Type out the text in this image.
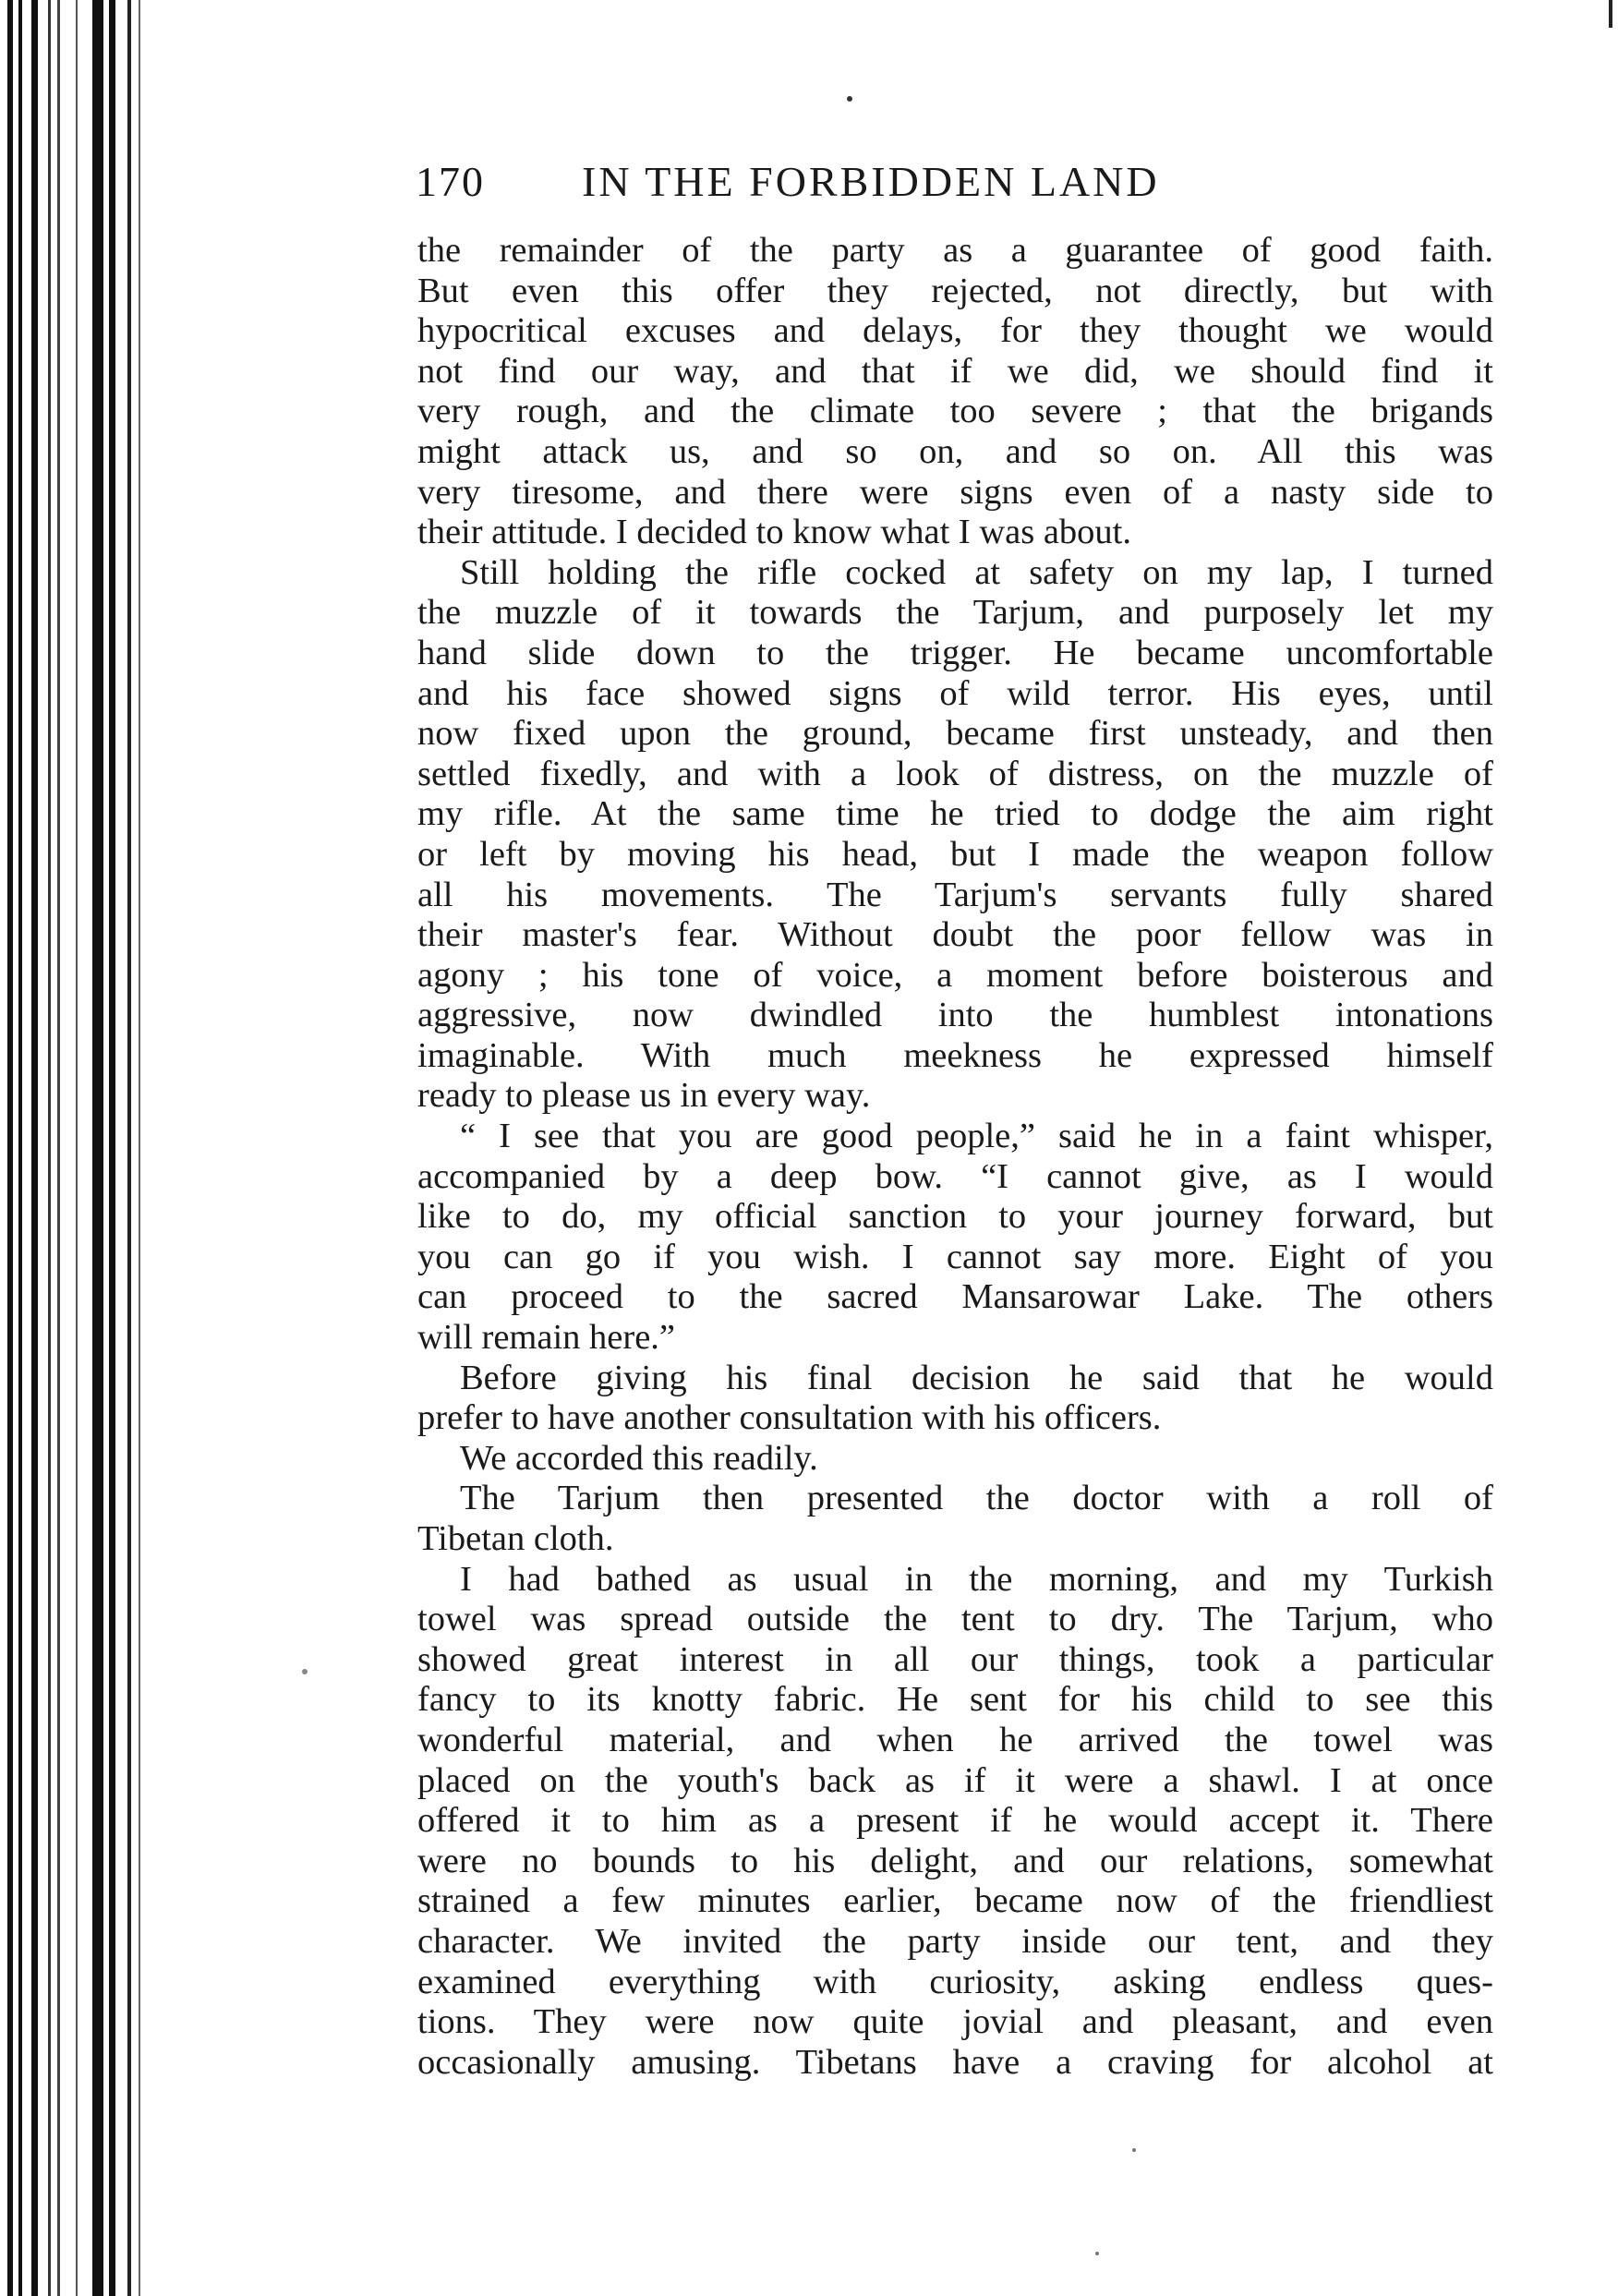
170 IN THE FORBIDDEN LAND
the remainder of the party as a guarantee of good faith.
But even this offer they rejected, not directly, but with
hypocritical excuses and delays, for they thought we would
not find our way, and that if we did, we should find it
very rough, and the climate too severe ; that the brigands
might attack us, and so on, and so on. All this was
very tiresome, and there were signs even of a nasty side to
their attitude. I decided to know what I was about.
Still holding the rifle cocked at safety on my lap, I turned
the muzzle of it towards the Tarjum, and purposely let my
hand slide down to the trigger. He became uncomfortable
and his face showed signs of wild terror. His eyes, until
now fixed upon the ground, became first unsteady, and then
settled fixedly, and with a look of distress, on the muzzle of
my rifle. At the same time he tried to dodge the aim right
or left by moving his head, but I made the weapon follow
all his movements. The Tarjum's servants fully shared
their master's fear. Without doubt the poor fellow was in
agony ; his tone of voice, a moment before boisterous and
aggressive, now dwindled into the humblest intonations
imaginable. With much meekness he expressed himself
ready to please us in every way.
“ I see that you are good people,” said he in a faint whisper,
accompanied by a deep bow. “I cannot give, as I would
like to do, my official sanction to your journey forward, but
you can go if you wish. I cannot say more. Eight of you
can proceed to the sacred Mansarowar Lake. The others
will remain here.”
Before giving his final decision he said that he would
prefer to have another consultation with his officers.
We accorded this readily.
The Tarjum then presented the doctor with a roll of
Tibetan cloth.
I had bathed as usual in the morning, and my Turkish
towel was spread outside the tent to dry. The Tarjum, who
showed great interest in all our things, took a particular
fancy to its knotty fabric. He sent for his child to see this
wonderful material, and when he arrived the towel was
placed on the youth's back as if it were a shawl. I at once
offered it to him as a present if he would accept it. There
were no bounds to his delight, and our relations, somewhat
strained a few minutes earlier, became now of the friendliest
character. We invited the party inside our tent, and they
examined everything with curiosity, asking endless ques-
tions. They were now quite jovial and pleasant, and even
occasionally amusing. Tibetans have a craving for alcohol at
